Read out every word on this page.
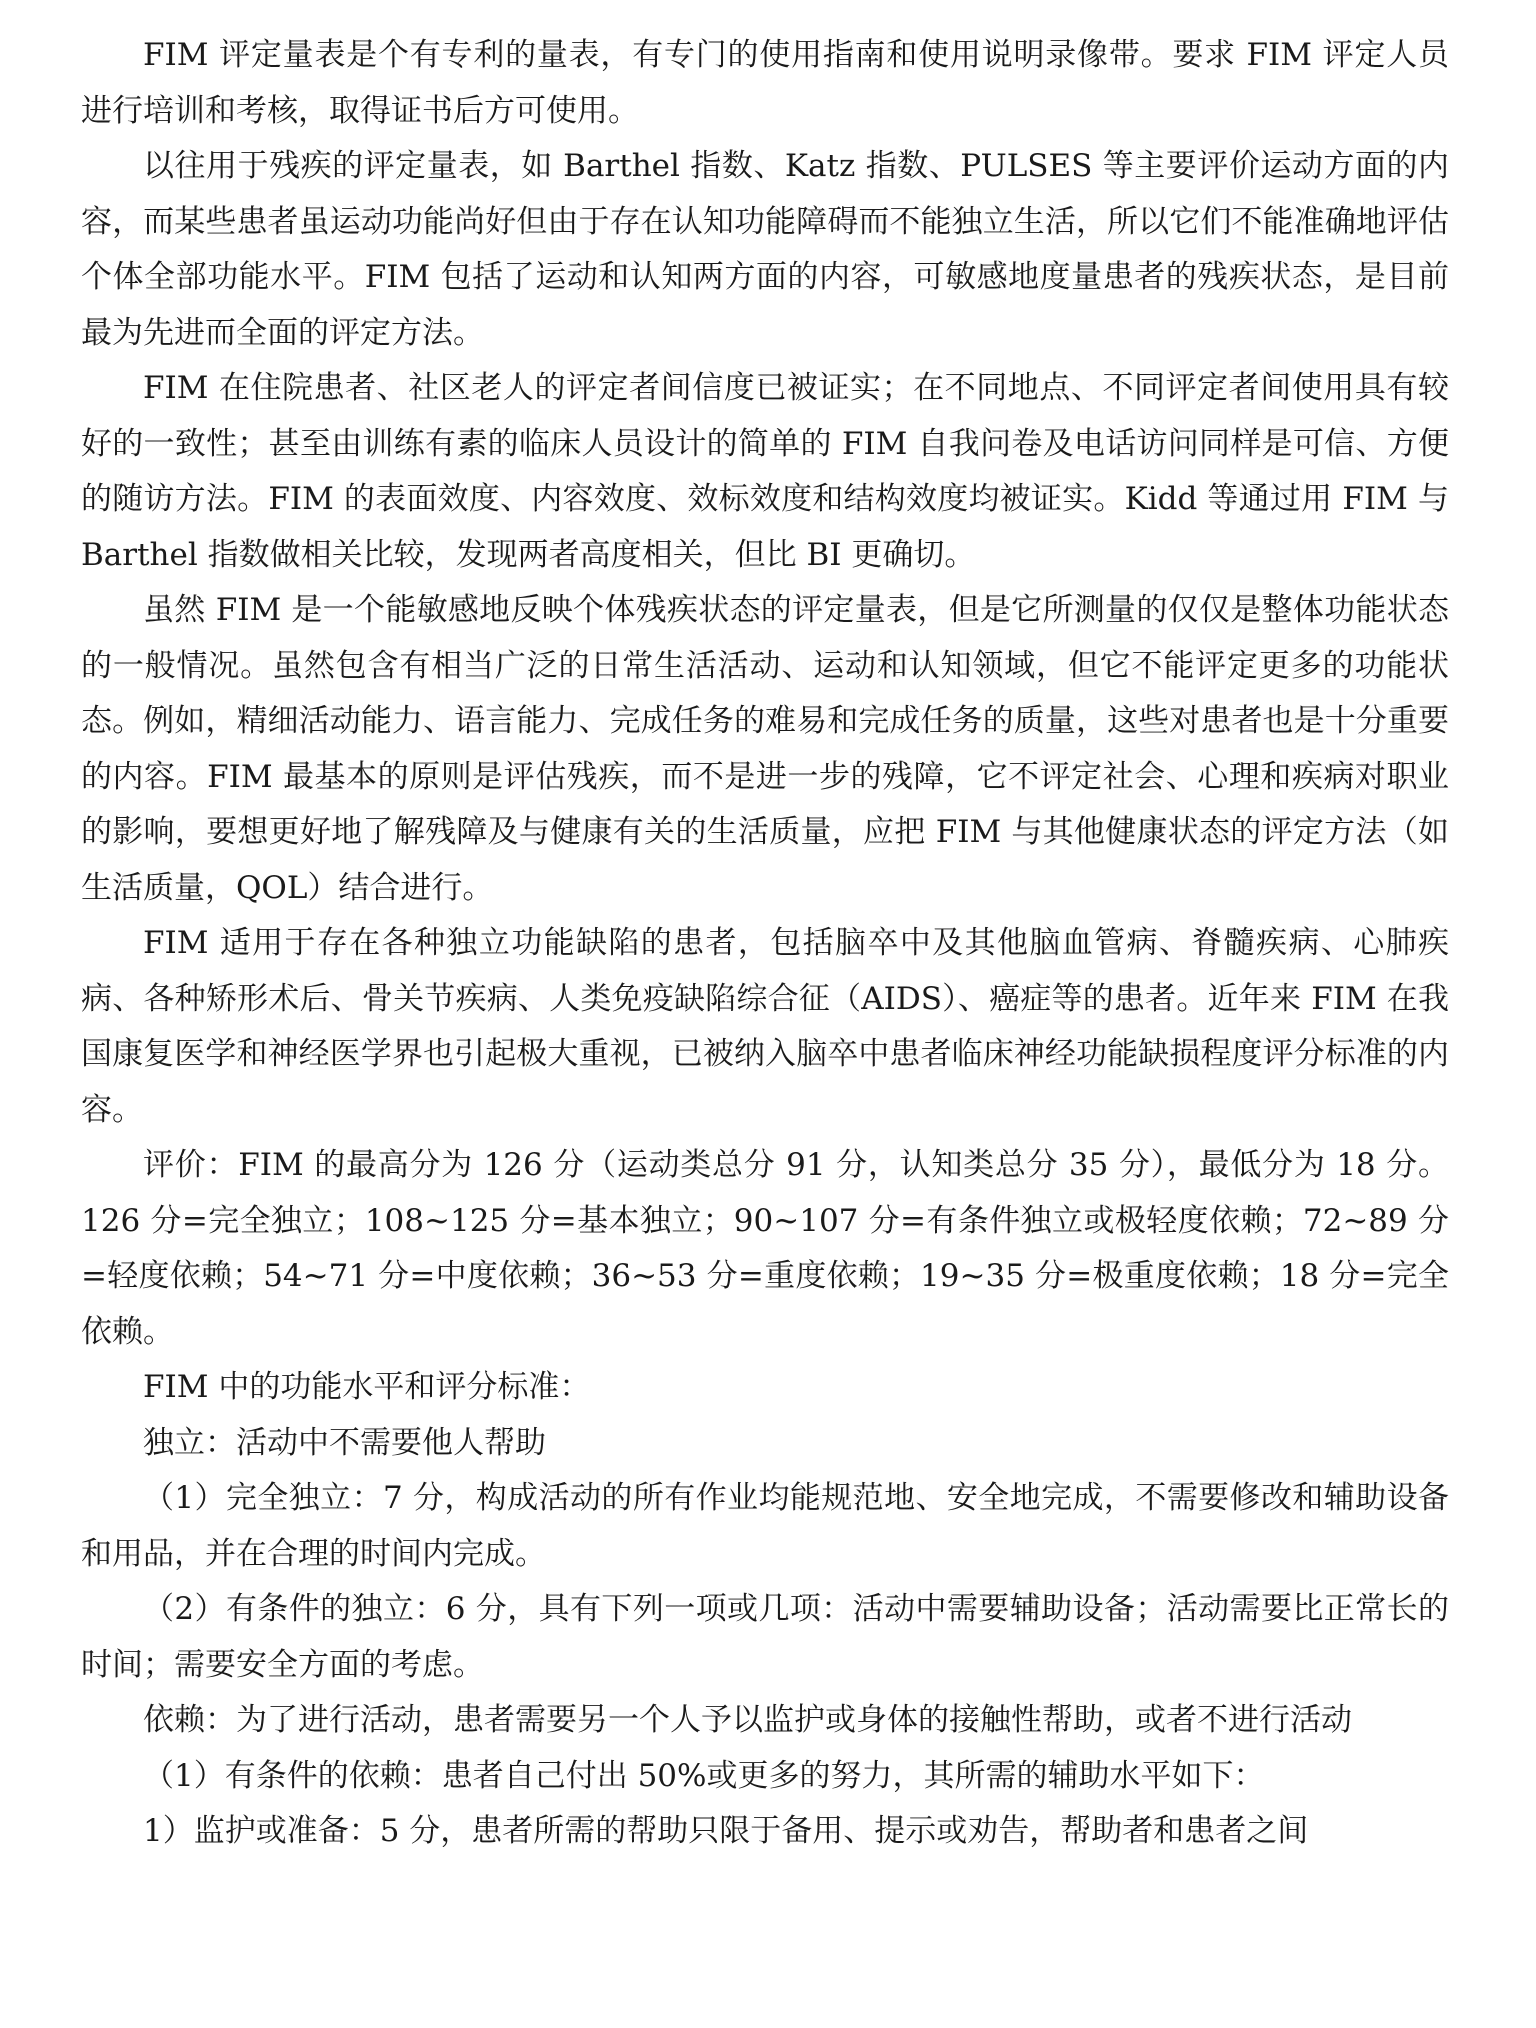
FIM 评定量表是个有专利的量表，有专门的使用指南和使用说明录像带。要求 FIM 评定人员进行培训和考核，取得证书后方可使用。

以往用于残疾的评定量表，如 Barthel 指数、Katz 指数、PULSES 等主要评价运动方面的内容，而某些患者虽运动功能尚好但由于存在认知功能障碍而不能独立生活，所以它们不能准确地评估个体全部功能水平。FIM 包括了运动和认知两方面的内容，可敏感地度量患者的残疾状态，是目前最为先进而全面的评定方法。

FIM 在住院患者、社区老人的评定者间信度已被证实；在不同地点、不同评定者间使用具有较好的一致性；甚至由训练有素的临床人员设计的简单的 FIM 自我问卷及电话访问同样是可信、方便的随访方法。FIM 的表面效度、内容效度、效标效度和结构效度均被证实。Kidd 等通过用 FIM 与 Barthel 指数做相关比较，发现两者高度相关，但比 BI 更确切。

虽然 FIM 是一个能敏感地反映个体残疾状态的评定量表，但是它所测量的仅仅是整体功能状态的一般情况。虽然包含有相当广泛的日常生活活动、运动和认知领域，但它不能评定更多的功能状态。例如，精细活动能力、语言能力、完成任务的难易和完成任务的质量，这些对患者也是十分重要的内容。FIM 最基本的原则是评估残疾，而不是进一步的残障，它不评定社会、心理和疾病对职业的影响，要想更好地了解残障及与健康有关的生活质量，应把 FIM 与其他健康状态的评定方法（如生活质量，QOL）结合进行。

FIM 适用于存在各种独立功能缺陷的患者，包括脑卒中及其他脑血管病、脊髓疾病、心肺疾病、各种矫形术后、骨关节疾病、人类免疫缺陷综合征（AIDS）、癌症等的患者。近年来 FIM 在我国康复医学和神经医学界也引起极大重视，已被纳入脑卒中患者临床神经功能缺损程度评分标准的内容。

评价：FIM 的最高分为 126 分（运动类总分 91 分，认知类总分 35 分），最低分为 18 分。126 分=完全独立；108~125 分=基本独立；90~107 分=有条件独立或极轻度依赖；72~89 分=轻度依赖；54~71 分=中度依赖；36~53 分=重度依赖；19~35 分=极重度依赖；18 分=完全依赖。

FIM 中的功能水平和评分标准：

独立：活动中不需要他人帮助

（1）完全独立：7 分，构成活动的所有作业均能规范地、安全地完成，不需要修改和辅助设备和用品，并在合理的时间内完成。

（2）有条件的独立：6 分，具有下列一项或几项：活动中需要辅助设备；活动需要比正常长的时间；需要安全方面的考虑。

依赖：为了进行活动，患者需要另一个人予以监护或身体的接触性帮助，或者不进行活动

（1）有条件的依赖：患者自己付出 50%或更多的努力，其所需的辅助水平如下：

1）监护或准备：5 分，患者所需的帮助只限于备用、提示或劝告，帮助者和患者之间
